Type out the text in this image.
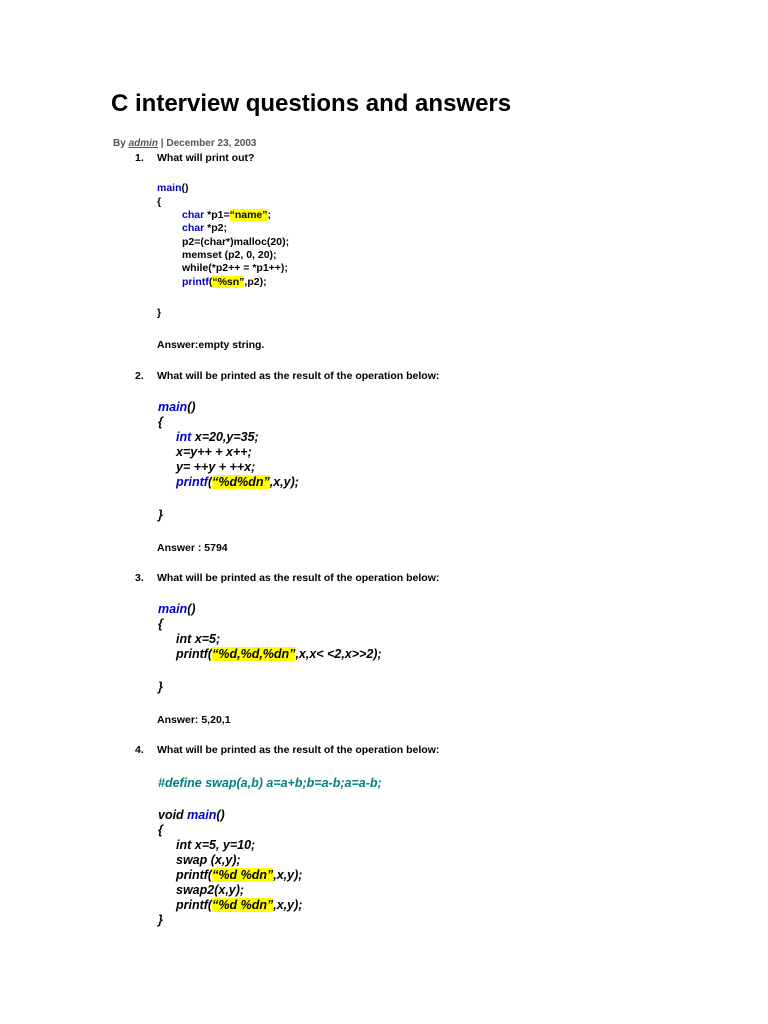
C interview questions and answers
By admin | December 23, 2003
1. What will print out?
main()
{
char *p1=“name”;
char *p2;
p2=(char*)malloc(20);
memset (p2, 0, 20);
while(*p2++ = *p1++);
printf(“%sn”,p2);
}
Answer:empty string.
2. What will be printed as the result of the operation below:
main()
{
int x=20,y=35;
x=y++ + x++;
y= ++y + ++x;
printf(“%d%dn”,x,y);
}
Answer : 5794
3. What will be printed as the result of the operation below:
main()
{
int x=5;
printf(“%d,%d,%dn”,x,x< <2,x>>2);
}
Answer: 5,20,1
4. What will be printed as the result of the operation below:
#define swap(a,b) a=a+b;b=a-b;a=a-b;
void main()
{
int x=5, y=10;
swap (x,y);
printf(“%d %dn”,x,y);
swap2(x,y);
printf(“%d %dn”,x,y);
}
